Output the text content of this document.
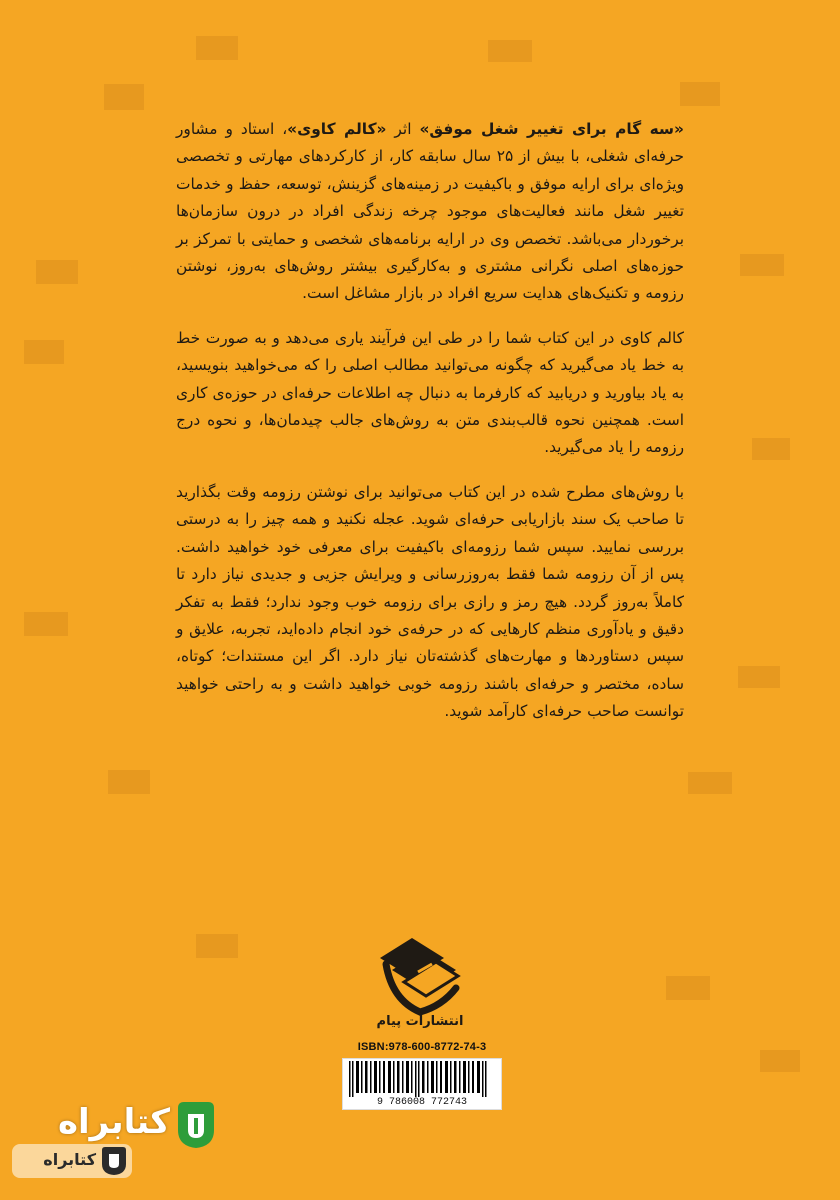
«سه گام برای تغییر شغل موفق» اثر «کالم کاوی»، استاد و مشاور حرفه‌ای شغلی، با بیش از ۲۵ سال سابقه کار، از کارکردهای مهارتی و تخصصی ویژه‌ای برای ارایه موفق و باکیفیت در زمینه‌های گزینش، توسعه، حفظ و خدمات تغییر شغل مانند فعالیت‌های موجود چرخه زندگی افراد در درون سازمان‌ها برخوردار می‌باشد. تخصص وی در ارایه برنامه‌های شخصی و حمایتی با تمرکز بر حوزه‌های اصلی نگرانی مشتری و به‌کارگیری بیشتر روش‌های به‌روز، نوشتن رزومه و تکنیک‌های هدایت سریع افراد در بازار مشاغل است.

کالم کاوی در این کتاب شما را در طی این فرآیند یاری می‌دهد و به صورت خط به خط یاد می‌گیرید که چگونه می‌توانید مطالب اصلی را که می‌خواهید بنویسید، به یاد بیاورید و دریابید که کارفرما به دنبال چه اطلاعات حرفه‌ای در حوزه‌ی کاری است. همچنین نحوه قالب‌بندی متن به روش‌های جالب چیدمان‌ها، و نحوه درج رزومه را یاد می‌گیرید.

با روش‌های مطرح شده در این کتاب می‌توانید برای نوشتن رزومه وقت بگذارید تا صاحب یک سند بازاریابی حرفه‌ای شوید. عجله نکنید و همه چیز را به درستی بررسی نمایید. سپس شما رزومه‌ای باکیفیت برای معرفی خود خواهید داشت. پس از آن رزومه شما فقط به‌روزرسانی و ویرایش جزیی و جدیدی نیاز دارد تا کاملاً به‌روز گردد. هیچ رمز و رازی برای رزومه خوب وجود ندارد؛ فقط به تفکر دقیق و یادآوری منظم کارهایی که در حرفه‌ی خود انجام داده‌اید، تجربه، علایق و سپس دستاوردها و مهارت‌های گذشته‌تان نیاز دارد. اگر این مستندات؛ کوتاه، ساده، مختصر و حرفه‌ای باشند رزومه خوبی خواهید داشت و به راحتی خواهید توانست صاحب حرفه‌ای کارآمد شوید.

انتشارات پیام
ISBN:978-600-8772-74-3
9 786008 772743
کتابراه
کتابراه
